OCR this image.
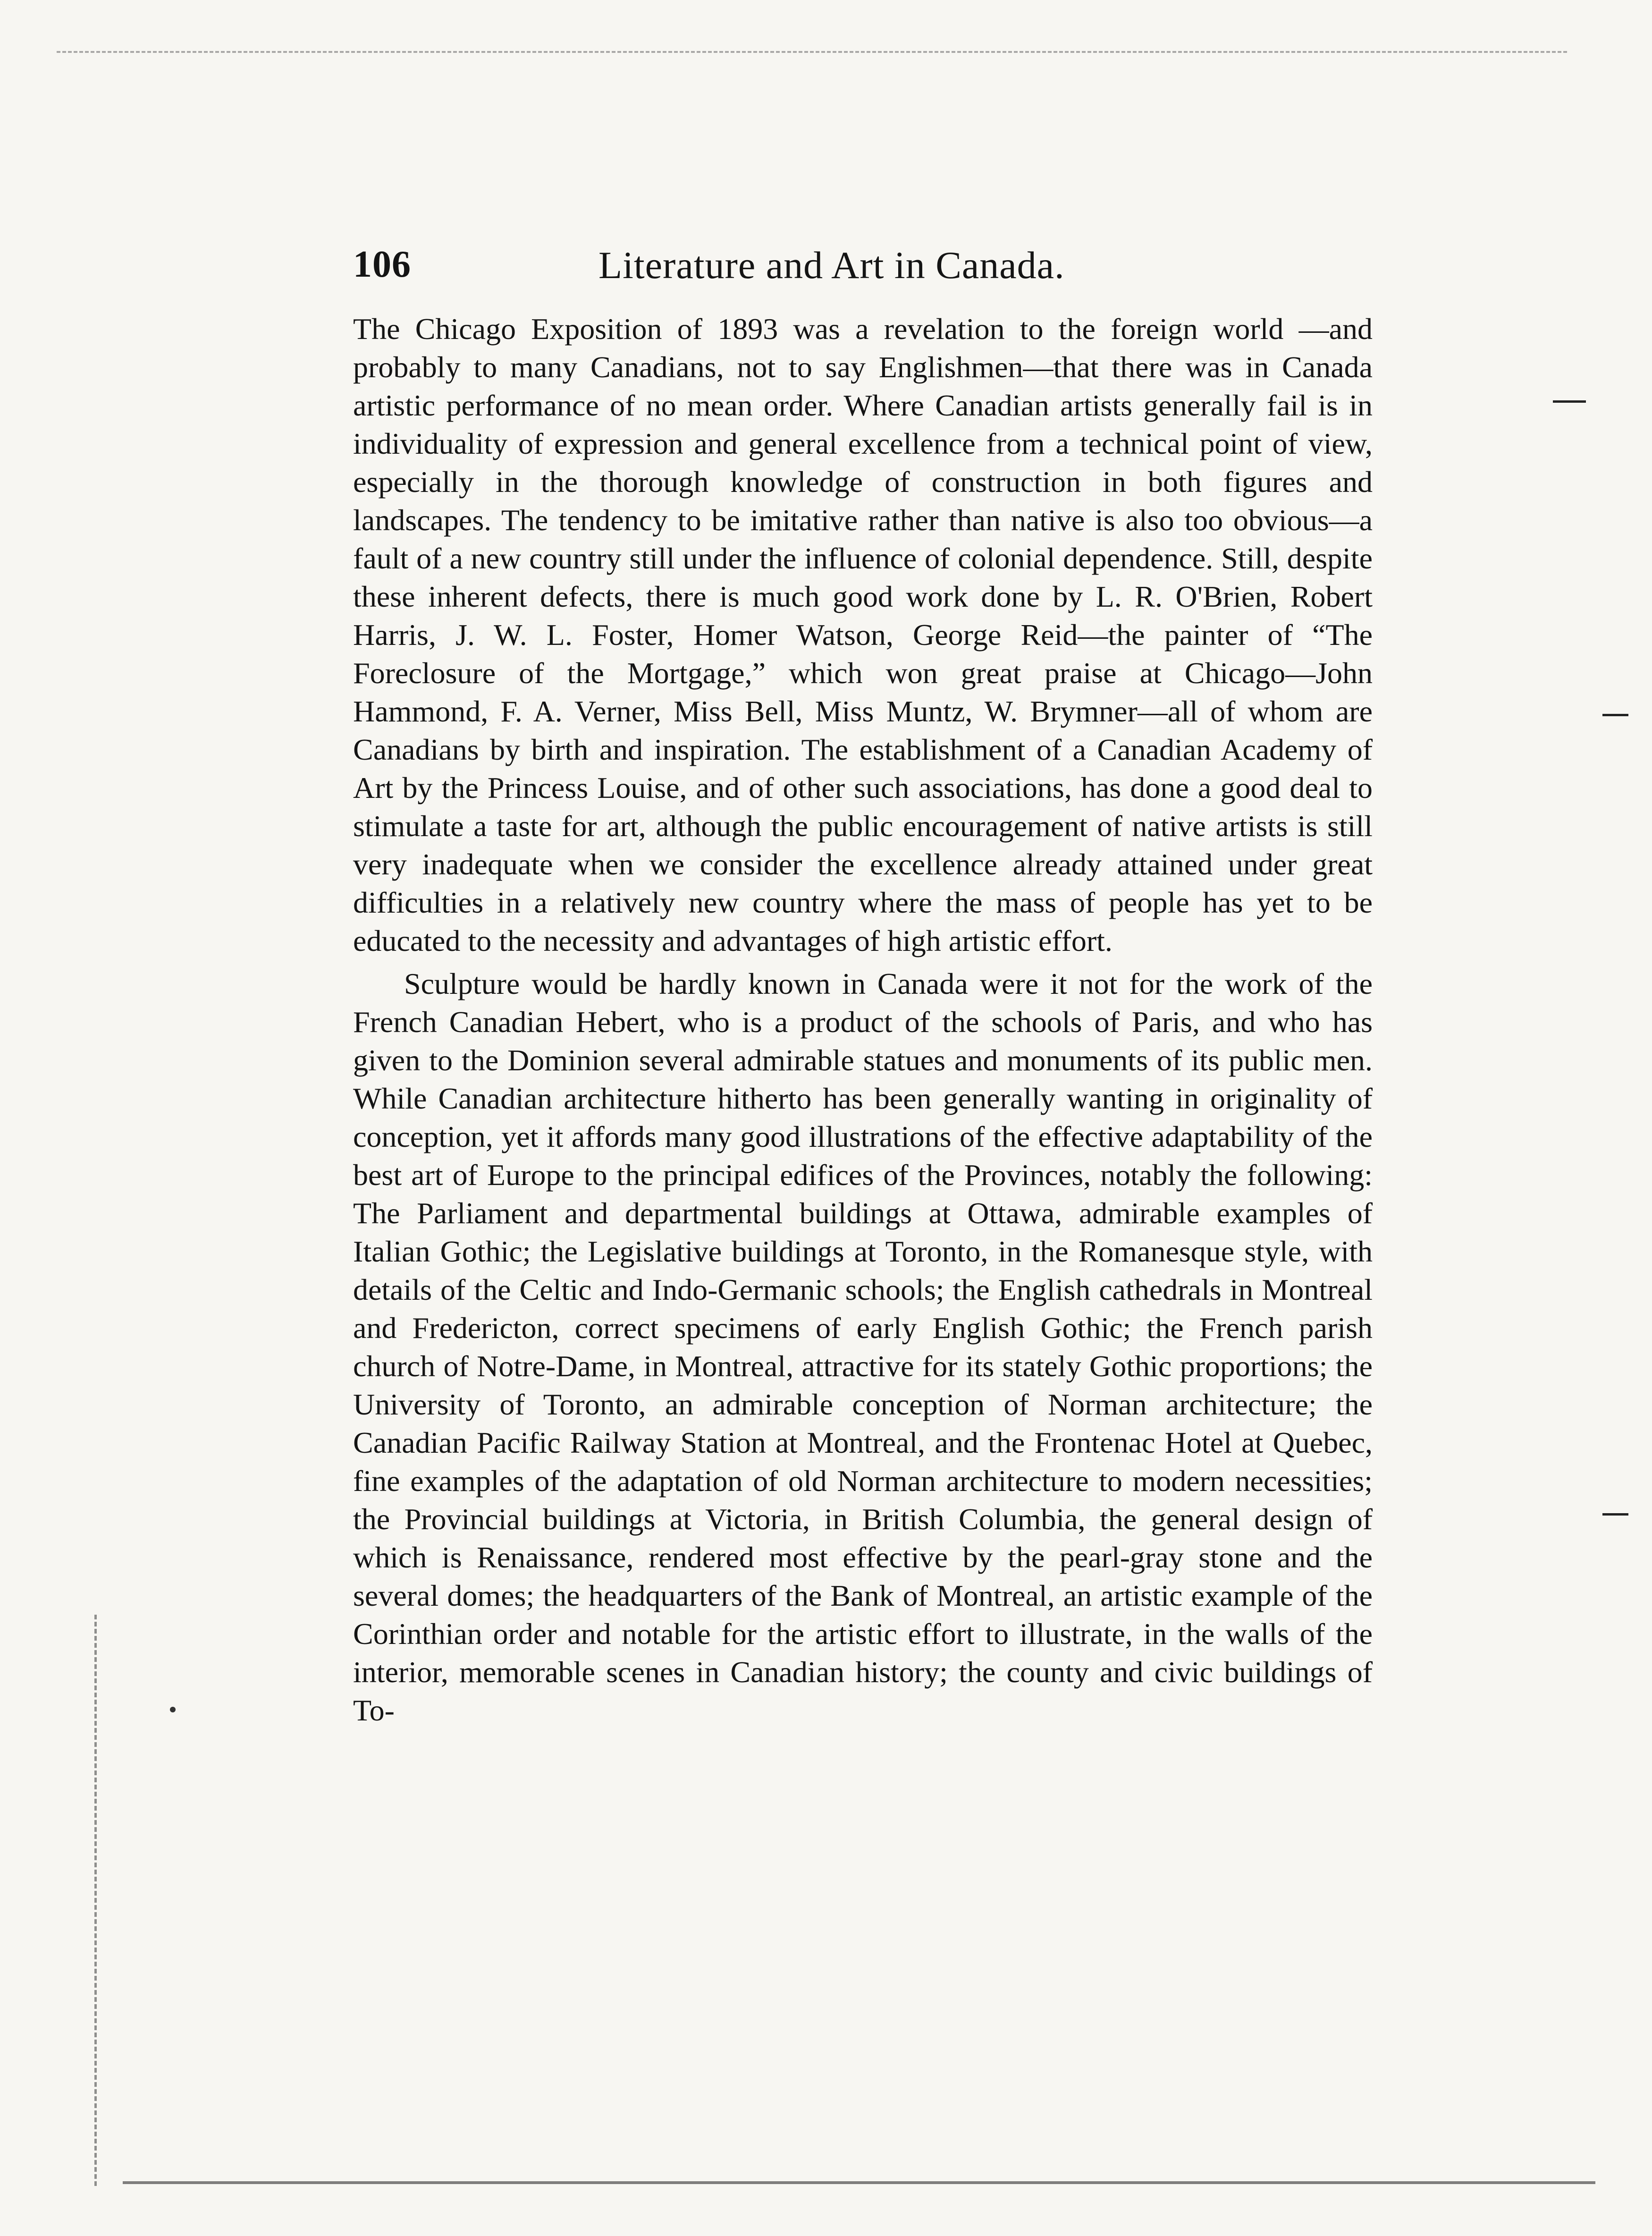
106	Literature and Art in Canada.

The Chicago Exposition of 1893 was a revelation to the foreign world —and probably to many Canadians, not to say Englishmen—that there was in Canada artistic performance of no mean order. Where Canadian artists generally fail is in individuality of expression and general excellence from a technical point of view, especially in the thorough knowledge of construction in both figures and landscapes. The tendency to be imitative rather than native is also too obvious—a fault of a new country still under the influence of colonial dependence. Still, despite these inherent defects, there is much good work done by L. R. O'Brien, Robert Harris, J. W. L. Foster, Homer Watson, George Reid—the painter of “The Foreclosure of the Mortgage,” which won great praise at Chicago—John Hammond, F. A. Verner, Miss Bell, Miss Muntz, W. Brymner—all of whom are Canadians by birth and inspiration. The establishment of a Canadian Academy of Art by the Princess Louise, and of other such associations, has done a good deal to stimulate a taste for art, although the public encouragement of native artists is still very inadequate when we consider the excellence already attained under great difficulties in a relatively new country where the mass of people has yet to be educated to the necessity and advantages of high artistic effort.

Sculpture would be hardly known in Canada were it not for the work of the French Canadian Hebert, who is a product of the schools of Paris, and who has given to the Dominion several admirable statues and monuments of its public men. While Canadian architecture hitherto has been generally wanting in originality of conception, yet it affords many good illustrations of the effective adaptability of the best art of Europe to the principal edifices of the Provinces, notably the following: The Parliament and departmental buildings at Ottawa, admirable examples of Italian Gothic; the Legislative buildings at Toronto, in the Romanesque style, with details of the Celtic and Indo-Germanic schools; the English cathedrals in Montreal and Fredericton, correct specimens of early English Gothic; the French parish church of Notre-Dame, in Montreal, attractive for its stately Gothic proportions; the University of Toronto, an admirable conception of Norman architecture; the Canadian Pacific Railway Station at Montreal, and the Frontenac Hotel at Quebec, fine examples of the adaptation of old Norman architecture to modern necessities; the Provincial buildings at Victoria, in British Columbia, the general design of which is Renaissance, rendered most effective by the pearl-gray stone and the several domes; the headquarters of the Bank of Montreal, an artistic example of the Corinthian order and notable for the artistic effort to illustrate, in the walls of the interior, memorable scenes in Canadian history; the county and civic buildings of To-
